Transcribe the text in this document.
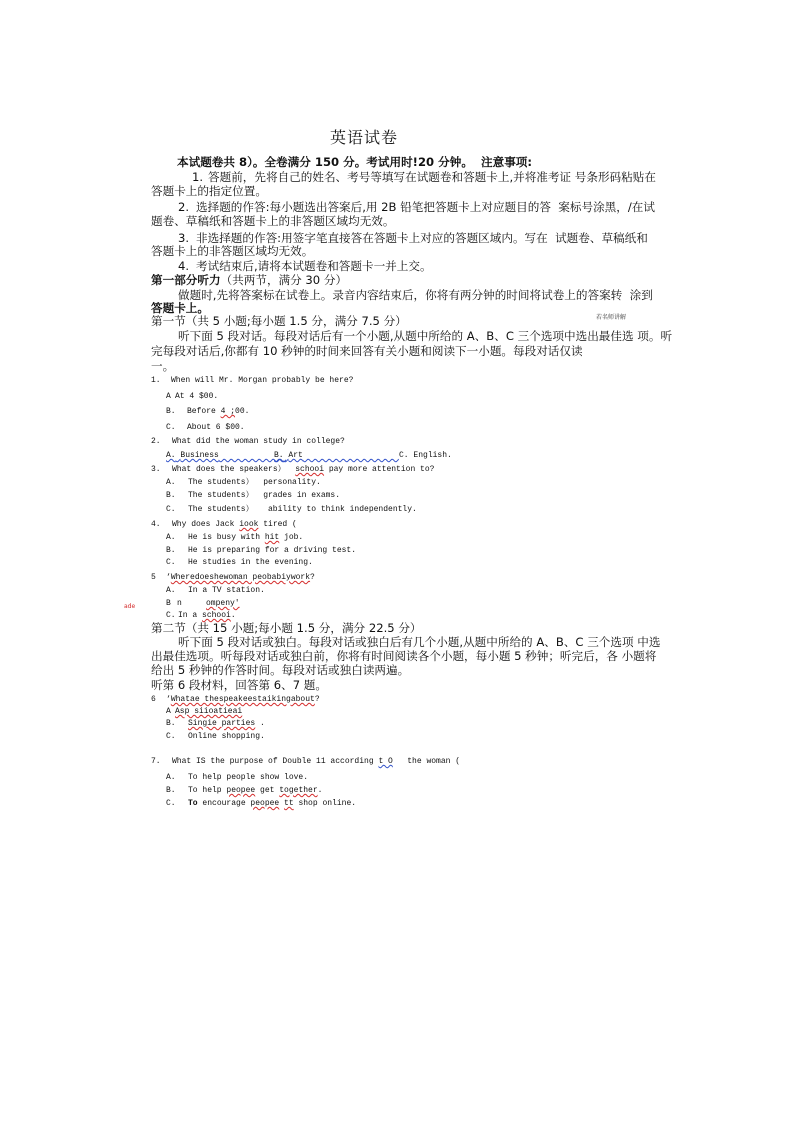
英语试卷
本试题卷共 8）。全卷满分 150 分。考试用时!20 分钟。 注意事项:
1. 答题前，先将自己的姓名、考号等填写在试题卷和答题卡上,并将准考证 号条形码粘贴在
答题卡上的指定位置。
2. 选择题的作答:每小题选出答案后,用 2B 铅笔把答题卡上对应题目的答  案标号涂黑，/在试
题卷、草稿纸和答题卡上的非答题区域均无效。
3. 非选择题的作答:用签字笔直接答在答题卡上对应的答题区域内。写在  试题卷、草稿纸和
答题卡上的非答题区域均无效。
4. 考试结束后,请将本试题卷和答题卡一并上交。
第一部分听力（共两节，满分 30 分）
做题时,先将答案标在试卷上。录音内容结束后，你将有两分钟的时间将试卷上的答案转  涂到
答题卡上。
第一节（共 5 小题;每小题 1.5 分，满分 7.5 分）	若名师讲解
听下面 5 段对话。每段对话后有一个小题,从题中所给的 A、B、C 三个选项中选出最佳选 项。听
完每段对话后,你都有 10 秒钟的时间来回答有关小题和阅读下一小题。每段对话仅读
一。
1. When will Mr. Morgan probably be here?
A At 4 $00.
B. Before 4 ;00.
C. About 6 $00.
2. What did the woman study in college?
A. Business	B. Art	C. English.
3. What does the speakers）  schooi pay more attention to?
A. The students）  personality.
B. The students）  grades in exams.
C. The students）   ability to think independently.
4. Why does Jack iook tired (
A. He is busy with hit job.
B. He is preparing for a driving test.
C. He studies in the evening.
5 ‘Wheredoeshewoman peobabiywork?
A. In a TV station.
B n	ompeny'
ade
C. In a schooi.
第二节（共 15 小题;每小题 1.5 分，满分 22.5 分）
听下面 5 段对话或独白。每段对话或独白后有几个小题,从题中所给的 A、B、C 三个选项 中选
出最佳选项。听每段对话或独白前，你将有时间阅读各个小题，每小题 5 秒钟；听完后，各 小题将
给出 5 秒钟的作答时间。每段对话或独白读两遍。
听第 6 段材料，回答第 6、7 题。
6 ‘Whatae thespeakeestaikingabout?
A Asp siioatieai
B. Singie parties .
C. Online shopping.
7. What IS the purpose of Double 11 according t O   the woman (
A. To help people show love.
B. To help peopee get together.
C. To encourage peopee tt shop online.
